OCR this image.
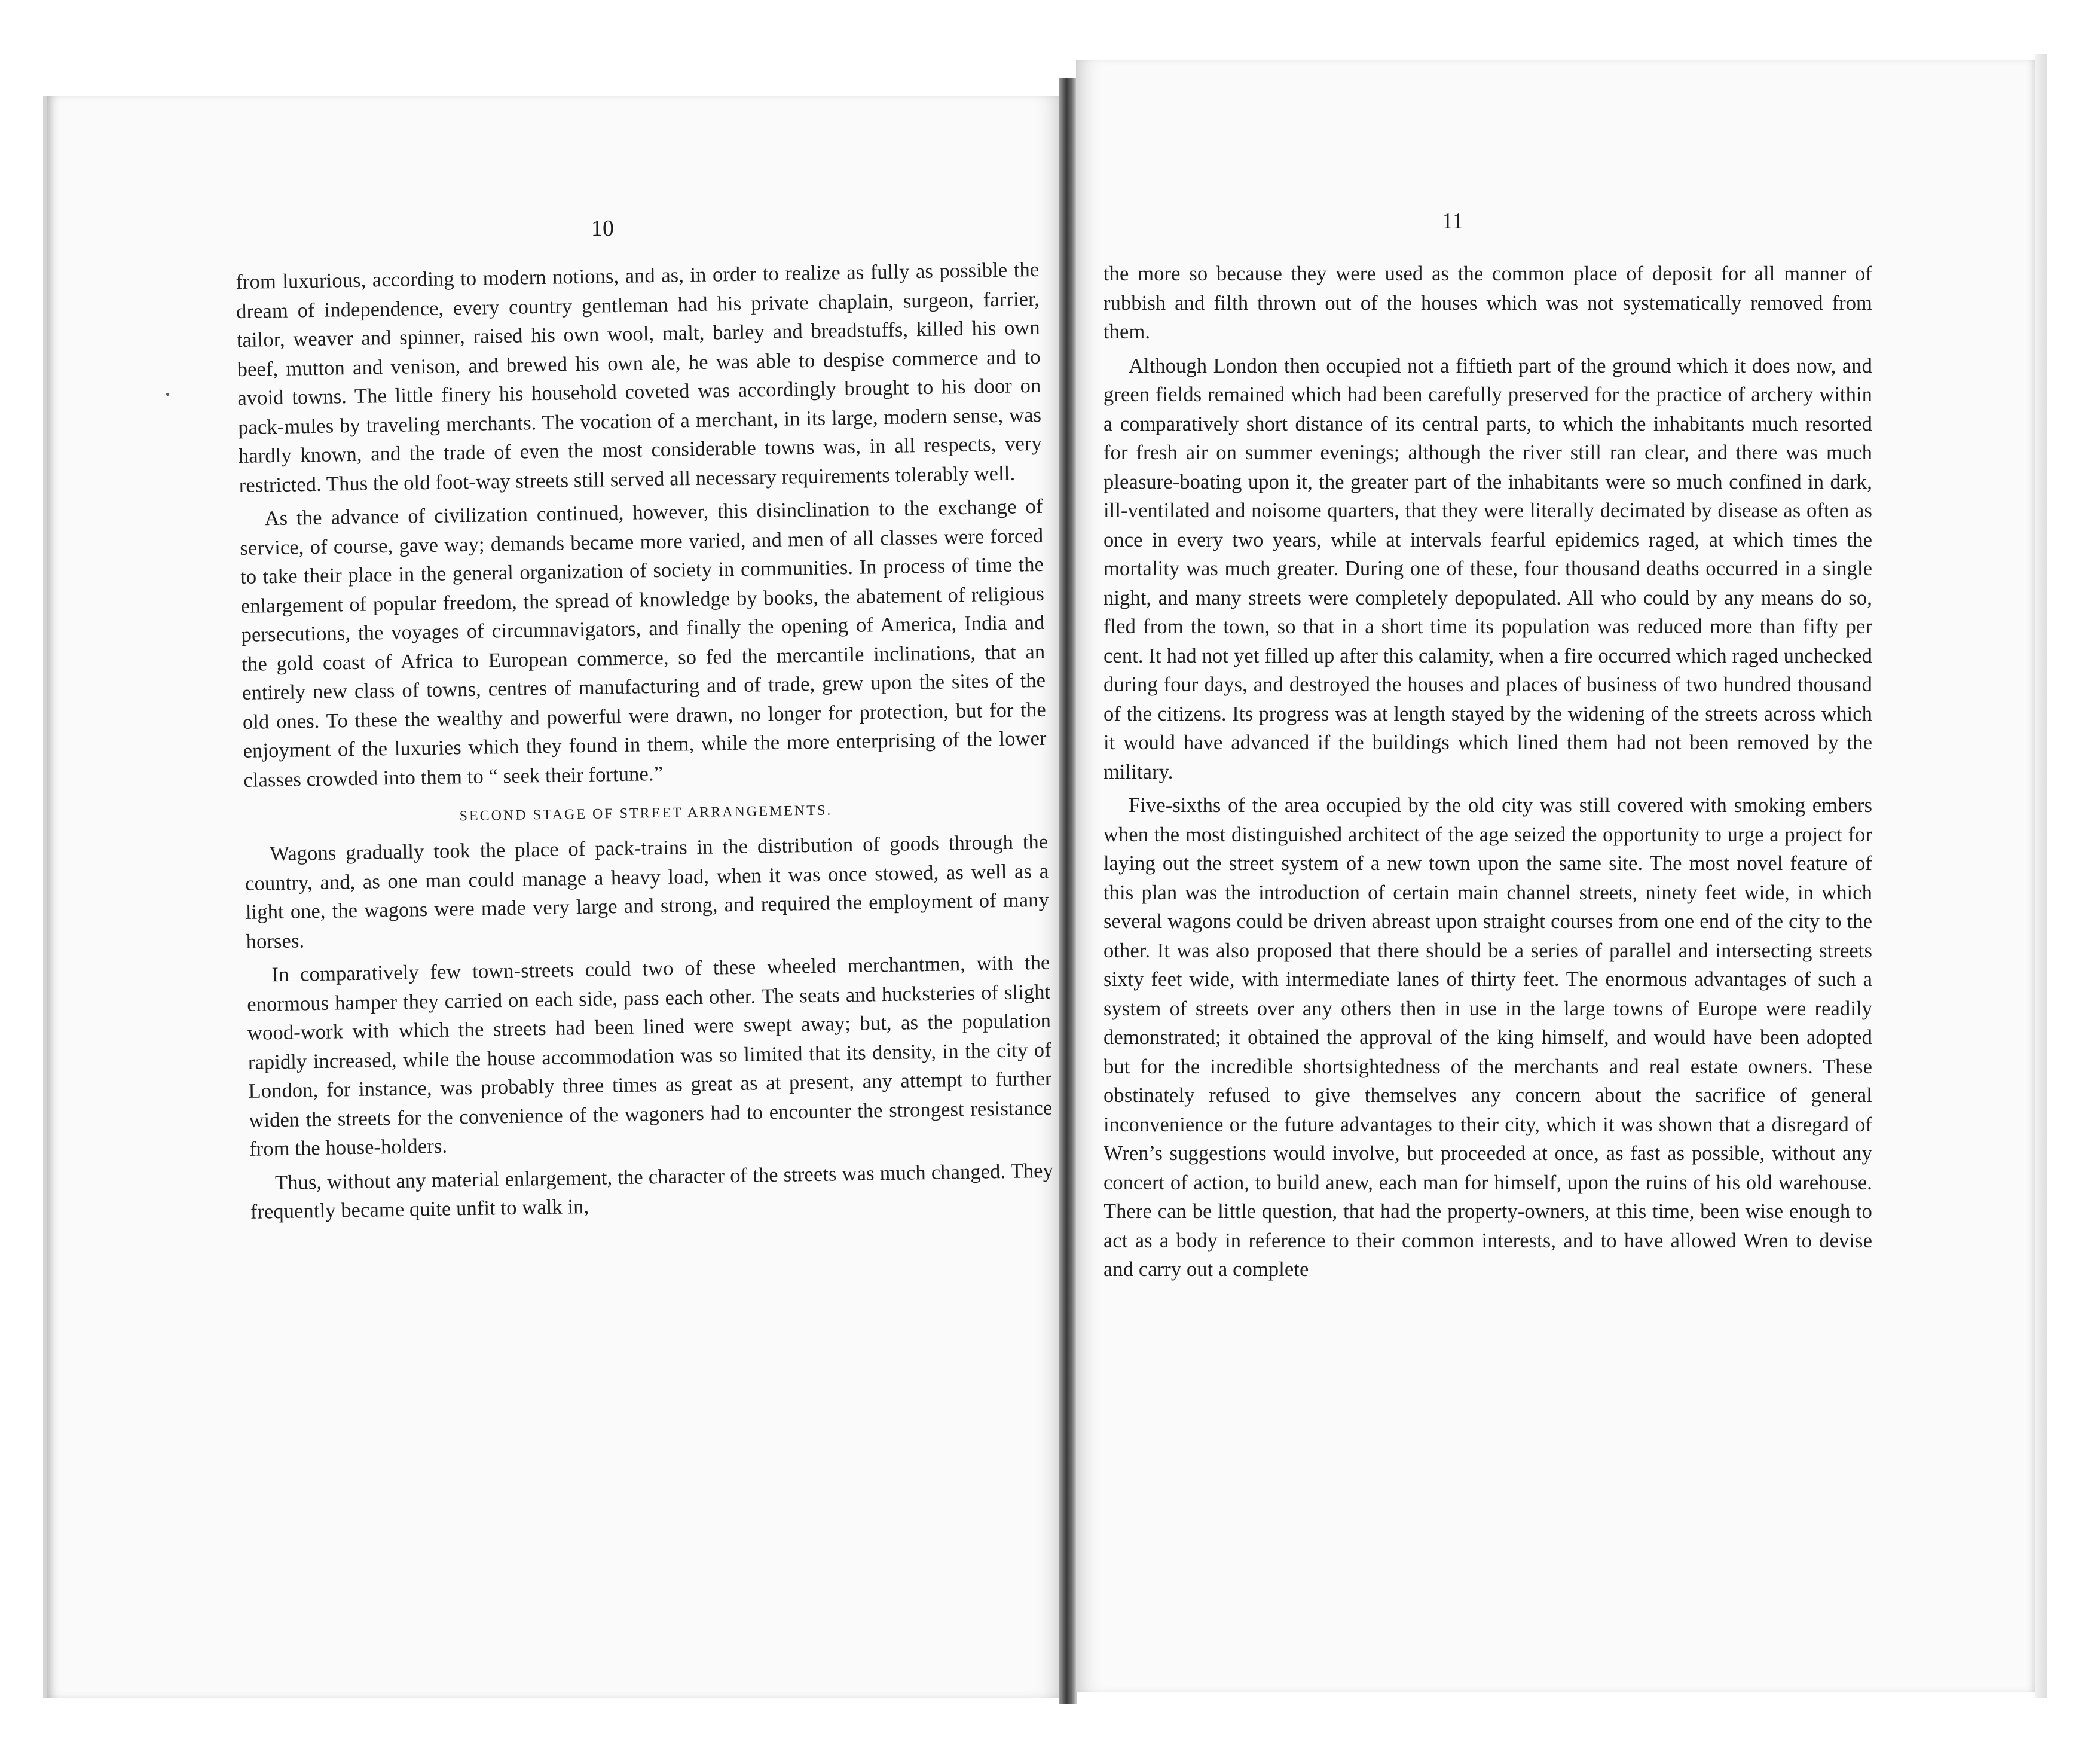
10

from luxurious, according to modern notions, and as, in order to realize as fully as possible the dream of independence, every country gentleman had his private chaplain, surgeon, farrier, tailor, weaver and spinner, raised his own wool, malt, barley and breadstuffs, killed his own beef, mutton and venison, and brewed his own ale, he was able to despise commerce and to avoid towns. The little finery his household coveted was accordingly brought to his door on pack-mules by traveling merchants. The vocation of a merchant, in its large, modern sense, was hardly known, and the trade of even the most considerable towns was, in all respects, very restricted. Thus the old foot-way streets still served all necessary requirements tolerably well.

As the advance of civilization continued, however, this disinclination to the exchange of service, of course, gave way; demands became more varied, and men of all classes were forced to take their place in the general organization of society in communities. In process of time the enlargement of popular freedom, the spread of knowledge by books, the abatement of religious persecutions, the voyages of circumnavigators, and finally the opening of America, India and the gold coast of Africa to European commerce, so fed the mercantile inclinations, that an entirely new class of towns, centres of manufacturing and of trade, grew upon the sites of the old ones. To these the wealthy and powerful were drawn, no longer for protection, but for the enjoyment of the luxuries which they found in them, while the more enterprising of the lower classes crowded into them to “ seek their fortune.”

SECOND STAGE OF STREET ARRANGEMENTS.

Wagons gradually took the place of pack-trains in the distribution of goods through the country, and, as one man could manage a heavy load, when it was once stowed, as well as a light one, the wagons were made very large and strong, and required the employment of many horses.

In comparatively few town-streets could two of these wheeled merchantmen, with the enormous hamper they carried on each side, pass each other. The seats and hucksteries of slight wood-work with which the streets had been lined were swept away; but, as the population rapidly increased, while the house accommodation was so limited that its density, in the city of London, for instance, was probably three times as great as at present, any attempt to further widen the streets for the convenience of the wagoners had to encounter the strongest resistance from the house-holders.

Thus, without any material enlargement, the character of the streets was much changed. They frequently became quite unfit to walk in,

11

the more so because they were used as the common place of deposit for all manner of rubbish and filth thrown out of the houses which was not systematically removed from them.

Although London then occupied not a fiftieth part of the ground which it does now, and green fields remained which had been carefully preserved for the practice of archery within a comparatively short distance of its central parts, to which the inhabitants much resorted for fresh air on summer evenings; although the river still ran clear, and there was much pleasure-boating upon it, the greater part of the inhabitants were so much confined in dark, ill-ventilated and noisome quarters, that they were literally decimated by disease as often as once in every two years, while at intervals fearful epidemics raged, at which times the mortality was much greater. During one of these, four thousand deaths occurred in a single night, and many streets were completely depopulated. All who could by any means do so, fled from the town, so that in a short time its population was reduced more than fifty per cent. It had not yet filled up after this calamity, when a fire occurred which raged unchecked during four days, and destroyed the houses and places of business of two hundred thousand of the citizens. Its progress was at length stayed by the widening of the streets across which it would have advanced if the buildings which lined them had not been removed by the military.

Five-sixths of the area occupied by the old city was still covered with smoking embers when the most distinguished architect of the age seized the opportunity to urge a project for laying out the street system of a new town upon the same site. The most novel feature of this plan was the introduction of certain main channel streets, ninety feet wide, in which several wagons could be driven abreast upon straight courses from one end of the city to the other. It was also proposed that there should be a series of parallel and intersecting streets sixty feet wide, with intermediate lanes of thirty feet. The enormous advantages of such a system of streets over any others then in use in the large towns of Europe were readily demonstrated; it obtained the approval of the king himself, and would have been adopted but for the incredible shortsightedness of the merchants and real estate owners. These obstinately refused to give themselves any concern about the sacrifice of general inconvenience or the future advantages to their city, which it was shown that a disregard of Wren’s suggestions would involve, but proceeded at once, as fast as possible, without any concert of action, to build anew, each man for himself, upon the ruins of his old warehouse. There can be little question, that had the property-owners, at this time, been wise enough to act as a body in reference to their common interests, and to have allowed Wren to devise and carry out a complete
